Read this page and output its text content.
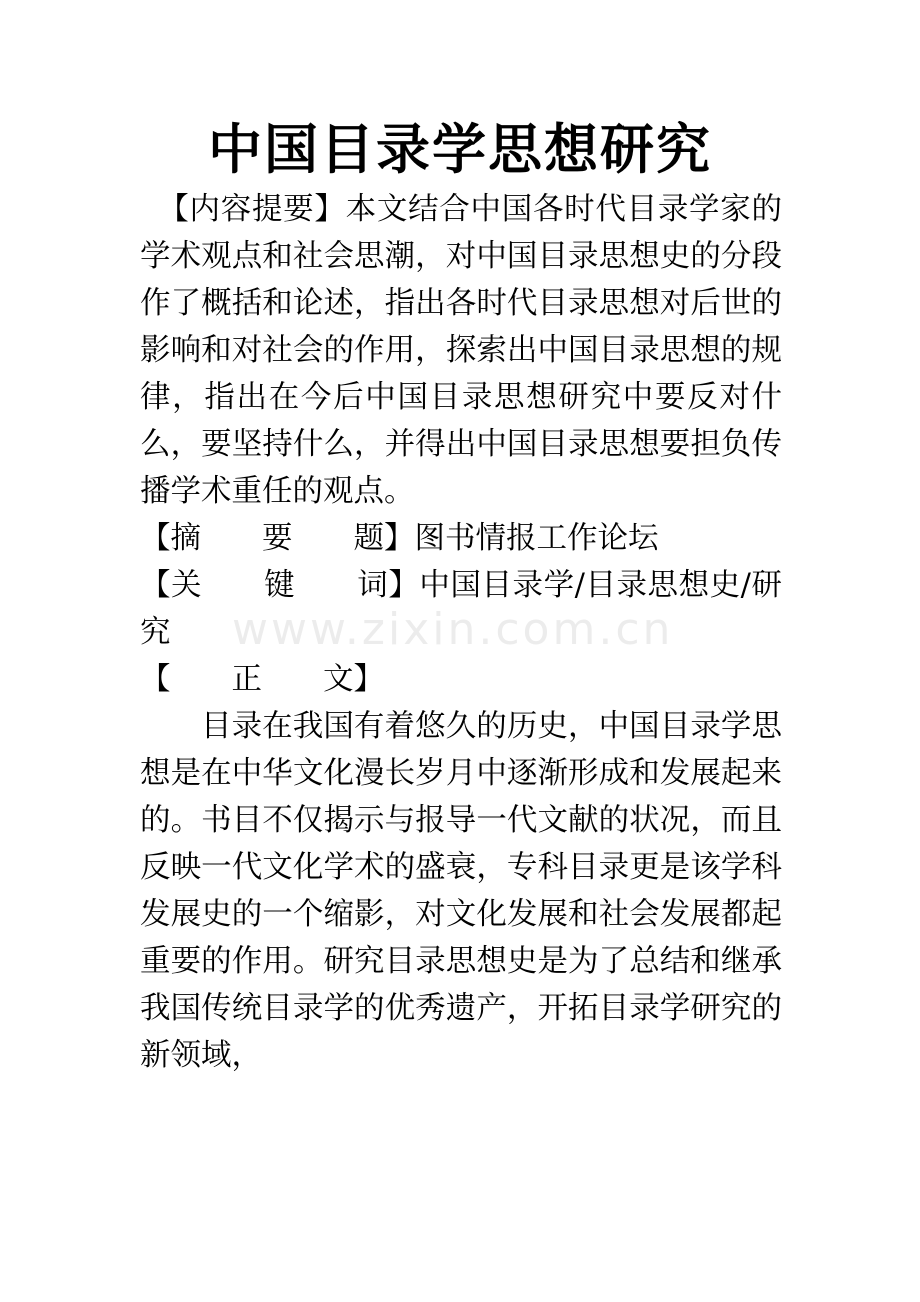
中国目录学思想研究

【内容提要】本文结合中国各时代目录学家的学术观点和社会思潮，对中国目录思想史的分段作了概括和论述，指出各时代目录思想对后世的影响和对社会的作用，探索出中国目录思想的规律，指出在今后中国目录思想研究中要反对什么，要坚持什么，并得出中国目录思想要担负传播学术重任的观点。

【摘　　要　　题】图书情报工作论坛

【关　　键　　词】中国目录学/目录思想史/研究

【　　正　　文】

目录在我国有着悠久的历史，中国目录学思想是在中华文化漫长岁月中逐渐形成和发展起来的。书目不仅揭示与报导一代文献的状况，而且反映一代文化学术的盛衰，专科目录更是该学科发展史的一个缩影，对文化发展和社会发展都起重要的作用。研究目录思想史是为了总结和继承我国传统目录学的优秀遗产，开拓目录学研究的新领域，

www.zixin.com.cn
